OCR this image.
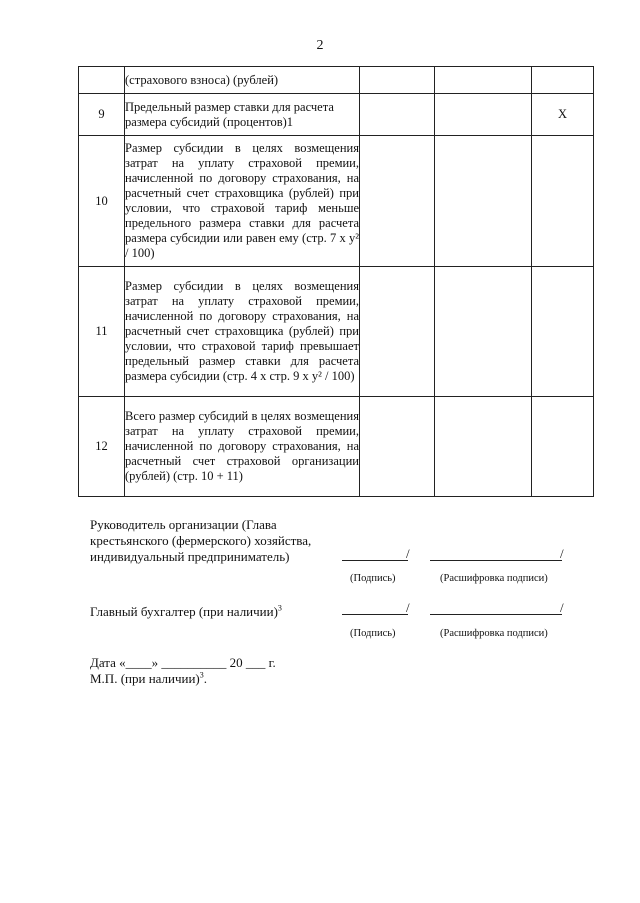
2
	(страхового взноса) (рублей)			
9	Предельный размер ставки для расчета размера субсидий (процентов)1			X
10	Размер субсидии в целях возмещения затрат на уплату страховой премии, начисленной по договору страхования, на расчетный счет страховщика (рублей) при условии, что страховой тариф меньше предельного размера ставки для расчета размера субсидии или равен ему (стр. 7 x y² / 100)			
11	Размер субсидии в целях возмещения затрат на уплату страховой премии, начисленной по договору страхования, на расчетный счет страховщика (рублей) при условии, что страховой тариф превышает предельный размер ставки для расчета размера субсидии (стр. 4 x стр. 9 x y² / 100)			
12	Всего размер субсидий в целях возмещения затрат на уплату страховой премии, начисленной по договору страхования, на расчетный счет страховой организации (рублей) (стр. 10 + 11)			
Руководитель организации (Глава крестьянского (фермерского) хозяйства, индивидуальный предприниматель)	/	/
(Подпись)	(Расшифровка подписи)
Главный бухгалтер (при наличии)$^3$	/	/
(Подпись)	(Расшифровка подписи)
Дата «____» __________ 20 ___ г.
М.П. (при наличии)$^3$.
